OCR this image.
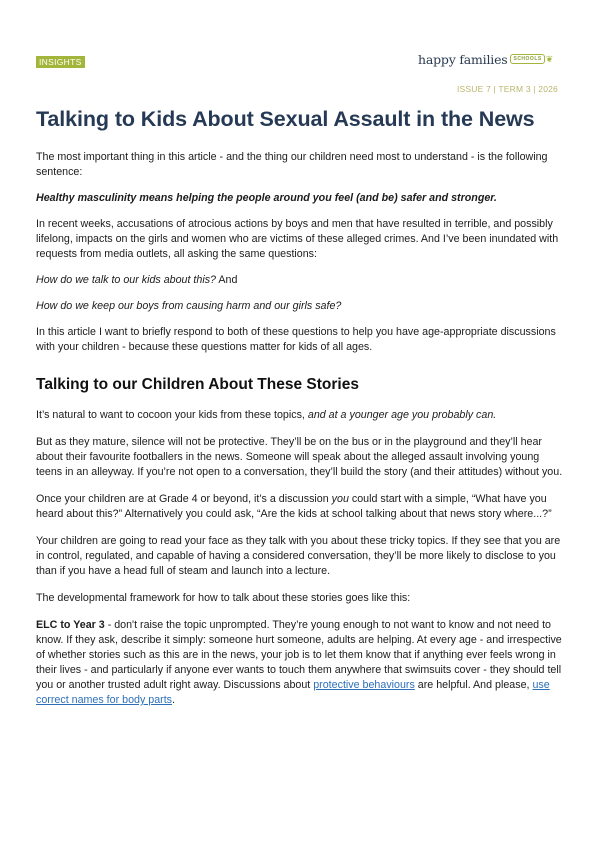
INSIGHTS	happy families	SCHOOLS ❦
ISSUE 7 | TERM 3 | 2026
Talking to Kids About Sexual Assault in the News

The most important thing in this article - and the thing our children need most to understand - is the following sentence:

Healthy masculinity means helping the people around you feel (and be) safer and stronger.

In recent weeks, accusations of atrocious actions by boys and men that have resulted in terrible, and possibly lifelong, impacts on the girls and women who are victims of these alleged crimes. And I’ve been inundated with requests from media outlets, all asking the same questions:

How do we talk to our kids about this? And

How do we keep our boys from causing harm and our girls safe?

In this article I want to briefly respond to both of these questions to help you have age-appropriate discussions with your children - because these questions matter for kids of all ages.

Talking to our Children About These Stories

It’s natural to want to cocoon your kids from these topics, and at a younger age you probably can.

But as they mature, silence will not be protective. They’ll be on the bus or in the playground and they’ll hear about their favourite footballers in the news. Someone will speak about the alleged assault involving young teens in an alleyway. If you’re not open to a conversation, they’ll build the story (and their attitudes) without you.

Once your children are at Grade 4 or beyond, it’s a discussion you could start with a simple, “What have you heard about this?” Alternatively you could ask, “Are the kids at school talking about that news story where...?”

Your children are going to read your face as they talk with you about these tricky topics. If they see that you are in control, regulated, and capable of having a considered conversation, they’ll be more likely to disclose to you than if you have a head full of steam and launch into a lecture.

The developmental framework for how to talk about these stories goes like this:

ELC to Year 3 - don't raise the topic unprompted. They’re young enough to not want to know and not need to know. If they ask, describe it simply: someone hurt someone, adults are helping. At every age - and irrespective of whether stories such as this are in the news, your job is to let them know that if anything ever feels wrong in their lives - and particularly if anyone ever wants to touch them anywhere that swimsuits cover - they should tell you or another trusted adult right away. Discussions about protective behaviours are helpful. And please, use correct names for body parts.
